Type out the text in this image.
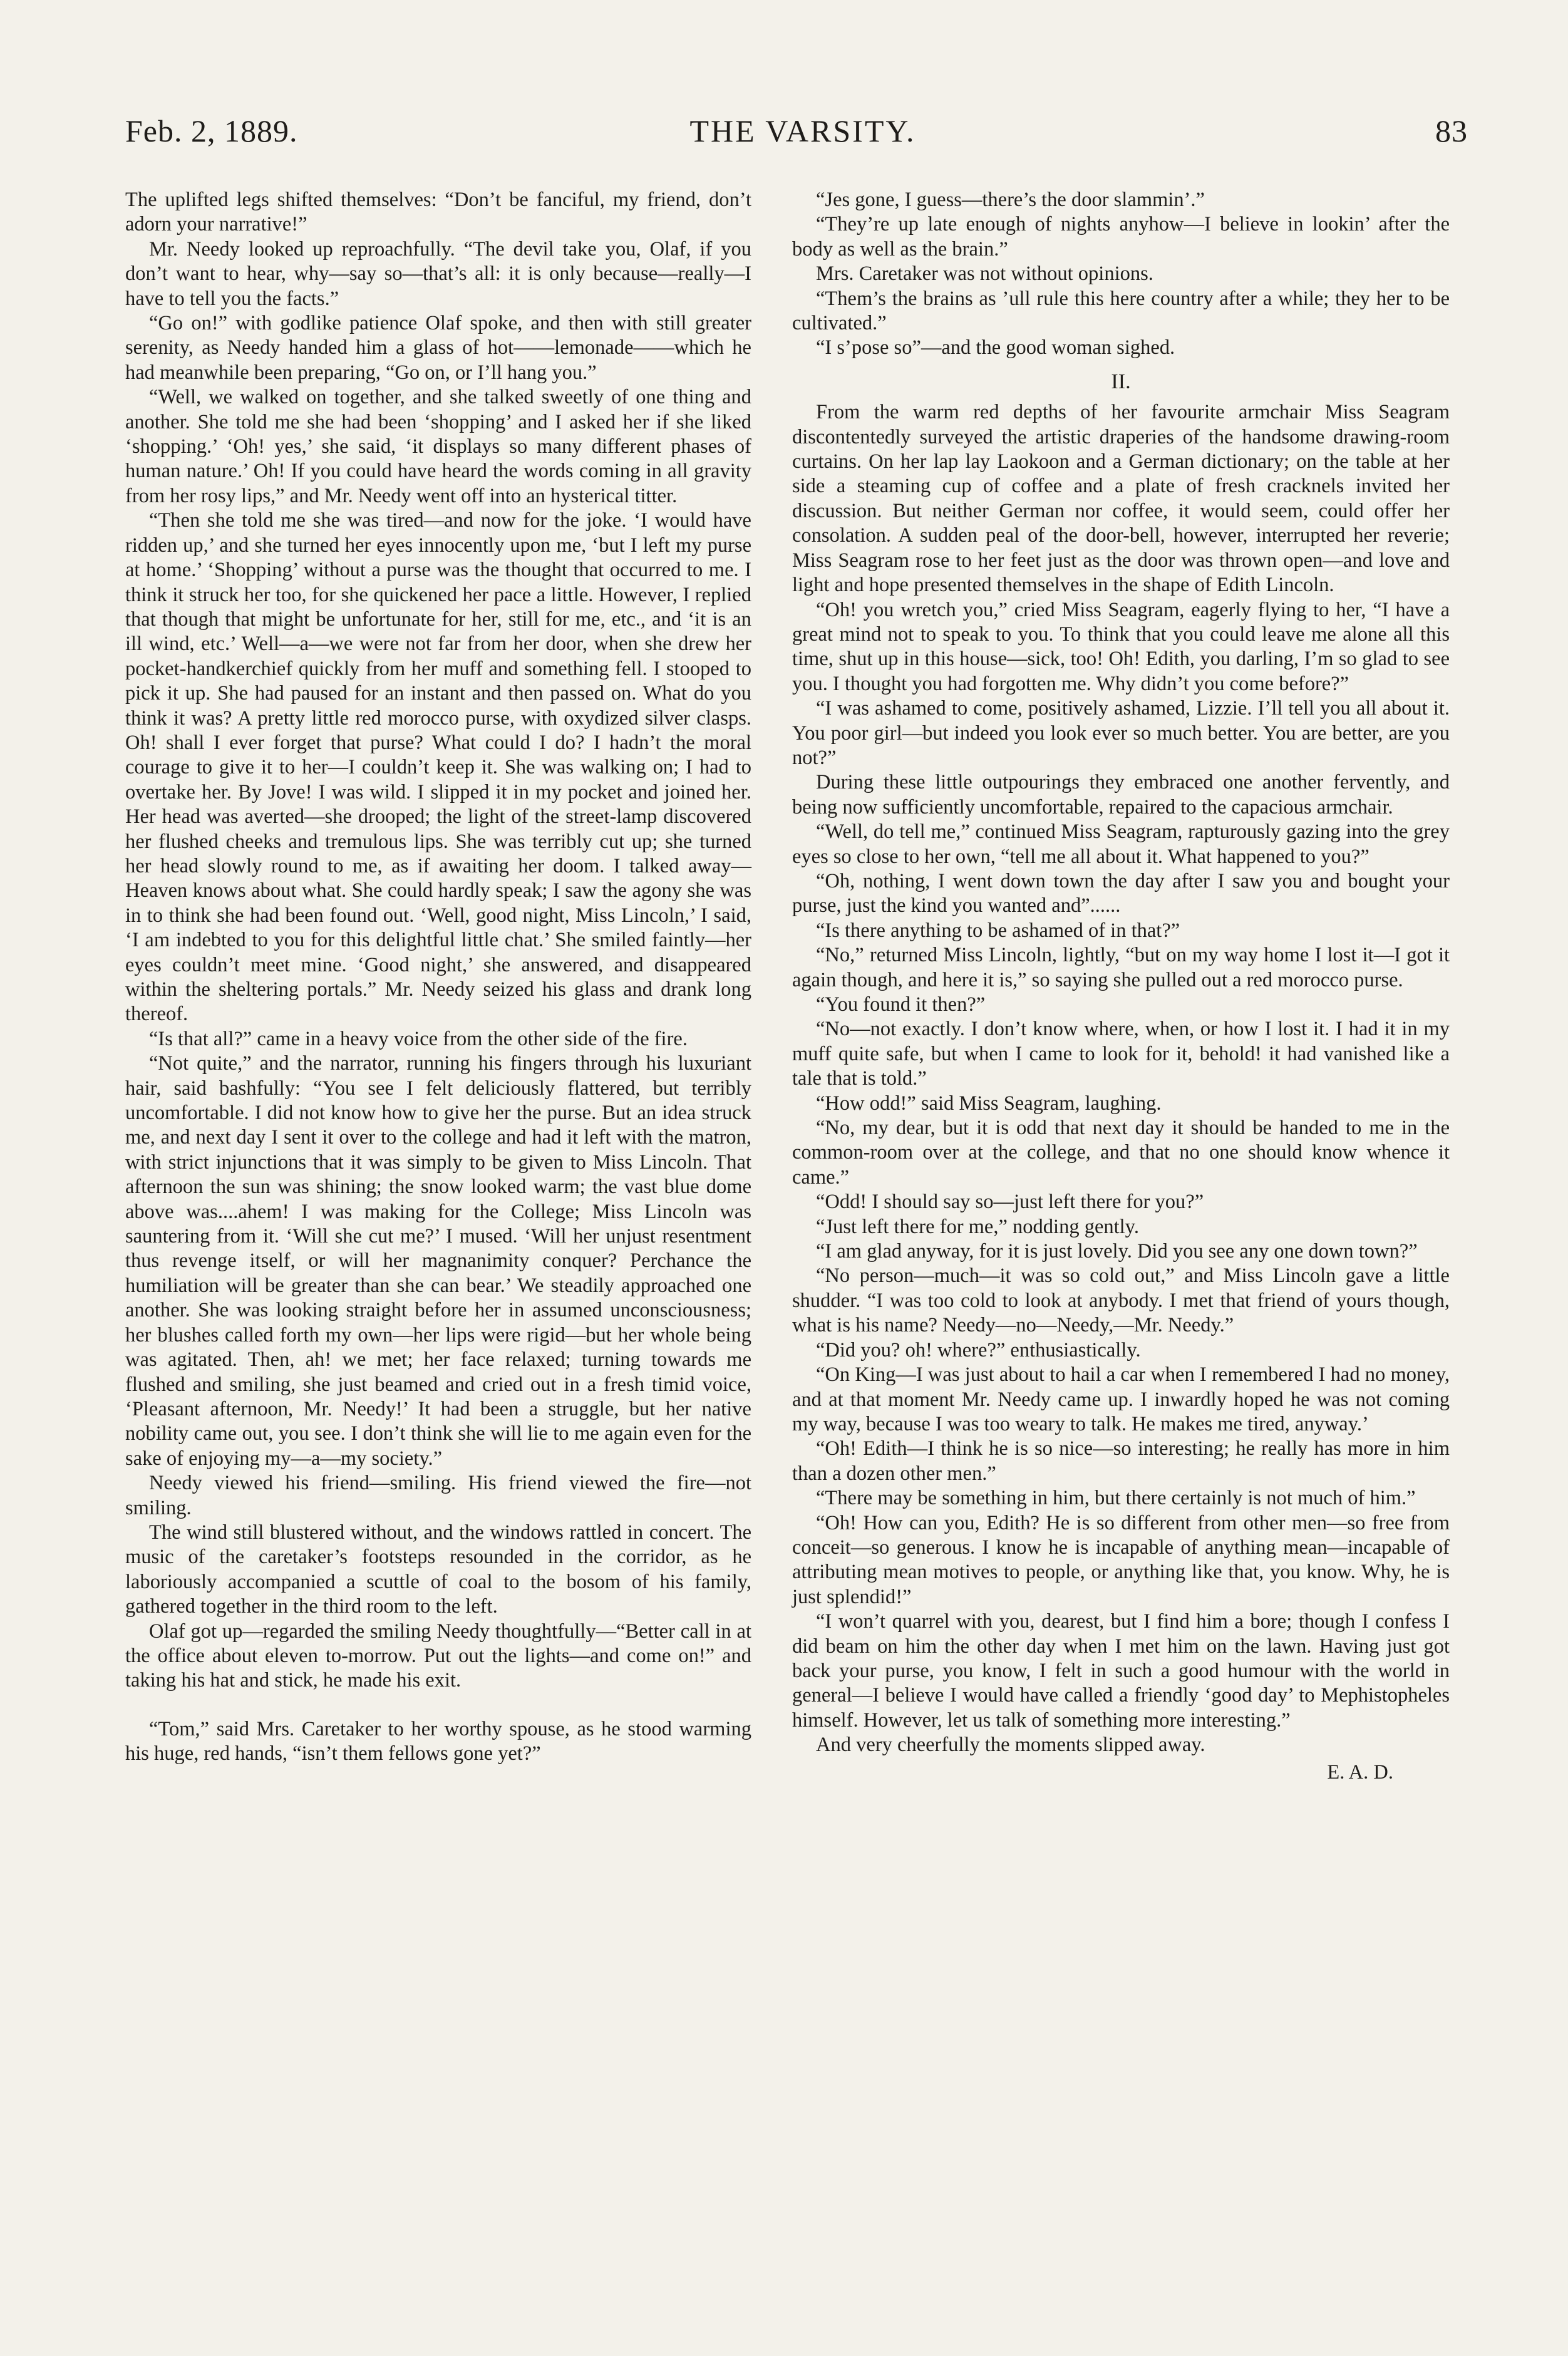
Feb. 2, 1889.	THE VARSITY.	83

The uplifted legs shifted themselves: “Don’t be fanciful, my friend, don’t adorn your narrative!”

Mr. Needy looked up reproachfully. “The devil take you, Olaf, if you don’t want to hear, why—say so—that’s all: it is only because—really—I have to tell you the facts.”

“Go on!” with godlike patience Olaf spoke, and then with still greater serenity, as Needy handed him a glass of hot——lemonade——which he had meanwhile been preparing, “Go on, or I’ll hang you.”

“Well, we walked on together, and she talked sweetly of one thing and another. She told me she had been ‘shopping’ and I asked her if she liked ‘shopping.’ ‘Oh! yes,’ she said, ‘it displays so many different phases of human nature.’ Oh! If you could have heard the words coming in all gravity from her rosy lips,” and Mr. Needy went off into an hysterical titter.

“Then she told me she was tired—and now for the joke. ‘I would have ridden up,’ and she turned her eyes innocently upon me, ‘but I left my purse at home.’ ‘Shopping’ without a purse was the thought that occurred to me. I think it struck her too, for she quickened her pace a little. However, I replied that though that might be unfortunate for her, still for me, etc., and ‘it is an ill wind, etc.’ Well—a—we were not far from her door, when she drew her pocket-handkerchief quickly from her muff and something fell. I stooped to pick it up. She had paused for an instant and then passed on. What do you think it was? A pretty little red morocco purse, with oxydized silver clasps. Oh! shall I ever forget that purse? What could I do? I hadn’t the moral courage to give it to her—I couldn’t keep it. She was walking on; I had to overtake her. By Jove! I was wild. I slipped it in my pocket and joined her. Her head was averted—she drooped; the light of the street-lamp discovered her flushed cheeks and tremulous lips. She was terribly cut up; she turned her head slowly round to me, as if awaiting her doom. I talked away—Heaven knows about what. She could hardly speak; I saw the agony she was in to think she had been found out. ‘Well, good night, Miss Lincoln,’ I said, ‘I am indebted to you for this delightful little chat.’ She smiled faintly—her eyes couldn’t meet mine. ‘Good night,’ she answered, and disappeared within the sheltering portals.” Mr. Needy seized his glass and drank long thereof.

“Is that all?” came in a heavy voice from the other side of the fire.

“Not quite,” and the narrator, running his fingers through his luxuriant hair, said bashfully: “You see I felt deliciously flattered, but terribly uncomfortable. I did not know how to give her the purse. But an idea struck me, and next day I sent it over to the college and had it left with the matron, with strict injunctions that it was simply to be given to Miss Lincoln. That afternoon the sun was shining; the snow looked warm; the vast blue dome above was....ahem! I was making for the College; Miss Lincoln was sauntering from it. ‘Will she cut me?’ I mused. ‘Will her unjust resentment thus revenge itself, or will her magnanimity conquer? Perchance the humiliation will be greater than she can bear.’ We steadily approached one another. She was looking straight before her in assumed unconsciousness; her blushes called forth my own—her lips were rigid—but her whole being was agitated. Then, ah! we met; her face relaxed; turning towards me flushed and smiling, she just beamed and cried out in a fresh timid voice, ‘Pleasant afternoon, Mr. Needy!’ It had been a struggle, but her native nobility came out, you see. I don’t think she will lie to me again even for the sake of enjoying my—a—my society.”

Needy viewed his friend—smiling. His friend viewed the fire—not smiling.

The wind still blustered without, and the windows rattled in concert. The music of the caretaker’s footsteps resounded in the corridor, as he laboriously accompanied a scuttle of coal to the bosom of his family, gathered together in the third room to the left.

Olaf got up—regarded the smiling Needy thoughtfully—“Better call in at the office about eleven to-morrow. Put out the lights—and come on!” and taking his hat and stick, he made his exit.

“Tom,” said Mrs. Caretaker to her worthy spouse, as he stood warming his huge, red hands, “isn’t them fellows gone yet?”

“Jes gone, I guess—there’s the door slammin’.”

“They’re up late enough of nights anyhow—I believe in lookin’ after the body as well as the brain.”

Mrs. Caretaker was not without opinions.

“Them’s the brains as ’ull rule this here country after a while; they her to be cultivated.”

“I s’pose so”—and the good woman sighed.

II.

From the warm red depths of her favourite armchair Miss Seagram discontentedly surveyed the artistic draperies of the handsome drawing-room curtains. On her lap lay Laokoon and a German dictionary; on the table at her side a steaming cup of coffee and a plate of fresh cracknels invited her discussion. But neither German nor coffee, it would seem, could offer her consolation. A sudden peal of the door-bell, however, interrupted her reverie; Miss Seagram rose to her feet just as the door was thrown open—and love and light and hope presented themselves in the shape of Edith Lincoln.

“Oh! you wretch you,” cried Miss Seagram, eagerly flying to her, “I have a great mind not to speak to you. To think that you could leave me alone all this time, shut up in this house—sick, too! Oh! Edith, you darling, I’m so glad to see you. I thought you had forgotten me. Why didn’t you come before?”

“I was ashamed to come, positively ashamed, Lizzie. I’ll tell you all about it. You poor girl—but indeed you look ever so much better. You are better, are you not?”

During these little outpourings they embraced one another fervently, and being now sufficiently uncomfortable, repaired to the capacious armchair.

“Well, do tell me,” continued Miss Seagram, rapturously gazing into the grey eyes so close to her own, “tell me all about it. What happened to you?”

“Oh, nothing, I went down town the day after I saw you and bought your purse, just the kind you wanted and”......

“Is there anything to be ashamed of in that?”

“No,” returned Miss Lincoln, lightly, “but on my way home I lost it—I got it again though, and here it is,” so saying she pulled out a red morocco purse.

“You found it then?”

“No—not exactly. I don’t know where, when, or how I lost it. I had it in my muff quite safe, but when I came to look for it, behold! it had vanished like a tale that is told.”

“How odd!” said Miss Seagram, laughing.

“No, my dear, but it is odd that next day it should be handed to me in the common-room over at the college, and that no one should know whence it came.”

“Odd! I should say so—just left there for you?”

“Just left there for me,” nodding gently.

“I am glad anyway, for it is just lovely. Did you see any one down town?”

“No person—much—it was so cold out,” and Miss Lincoln gave a little shudder. “I was too cold to look at anybody. I met that friend of yours though, what is his name? Needy—no—Needy,—Mr. Needy.”

“Did you? oh! where?” enthusiastically.

“On King—I was just about to hail a car when I remembered I had no money, and at that moment Mr. Needy came up. I inwardly hoped he was not coming my way, because I was too weary to talk. He makes me tired, anyway.’

“Oh! Edith—I think he is so nice—so interesting; he really has more in him than a dozen other men.”

“There may be something in him, but there certainly is not much of him.”

“Oh! How can you, Edith? He is so different from other men—so free from conceit—so generous. I know he is incapable of anything mean—incapable of attributing mean motives to people, or anything like that, you know. Why, he is just splendid!”

“I won’t quarrel with you, dearest, but I find him a bore; though I confess I did beam on him the other day when I met him on the lawn. Having just got back your purse, you know, I felt in such a good humour with the world in general—I believe I would have called a friendly ‘good day’ to Mephistopheles himself. However, let us talk of something more interesting.”

And very cheerfully the moments slipped away.

E. A. D.
